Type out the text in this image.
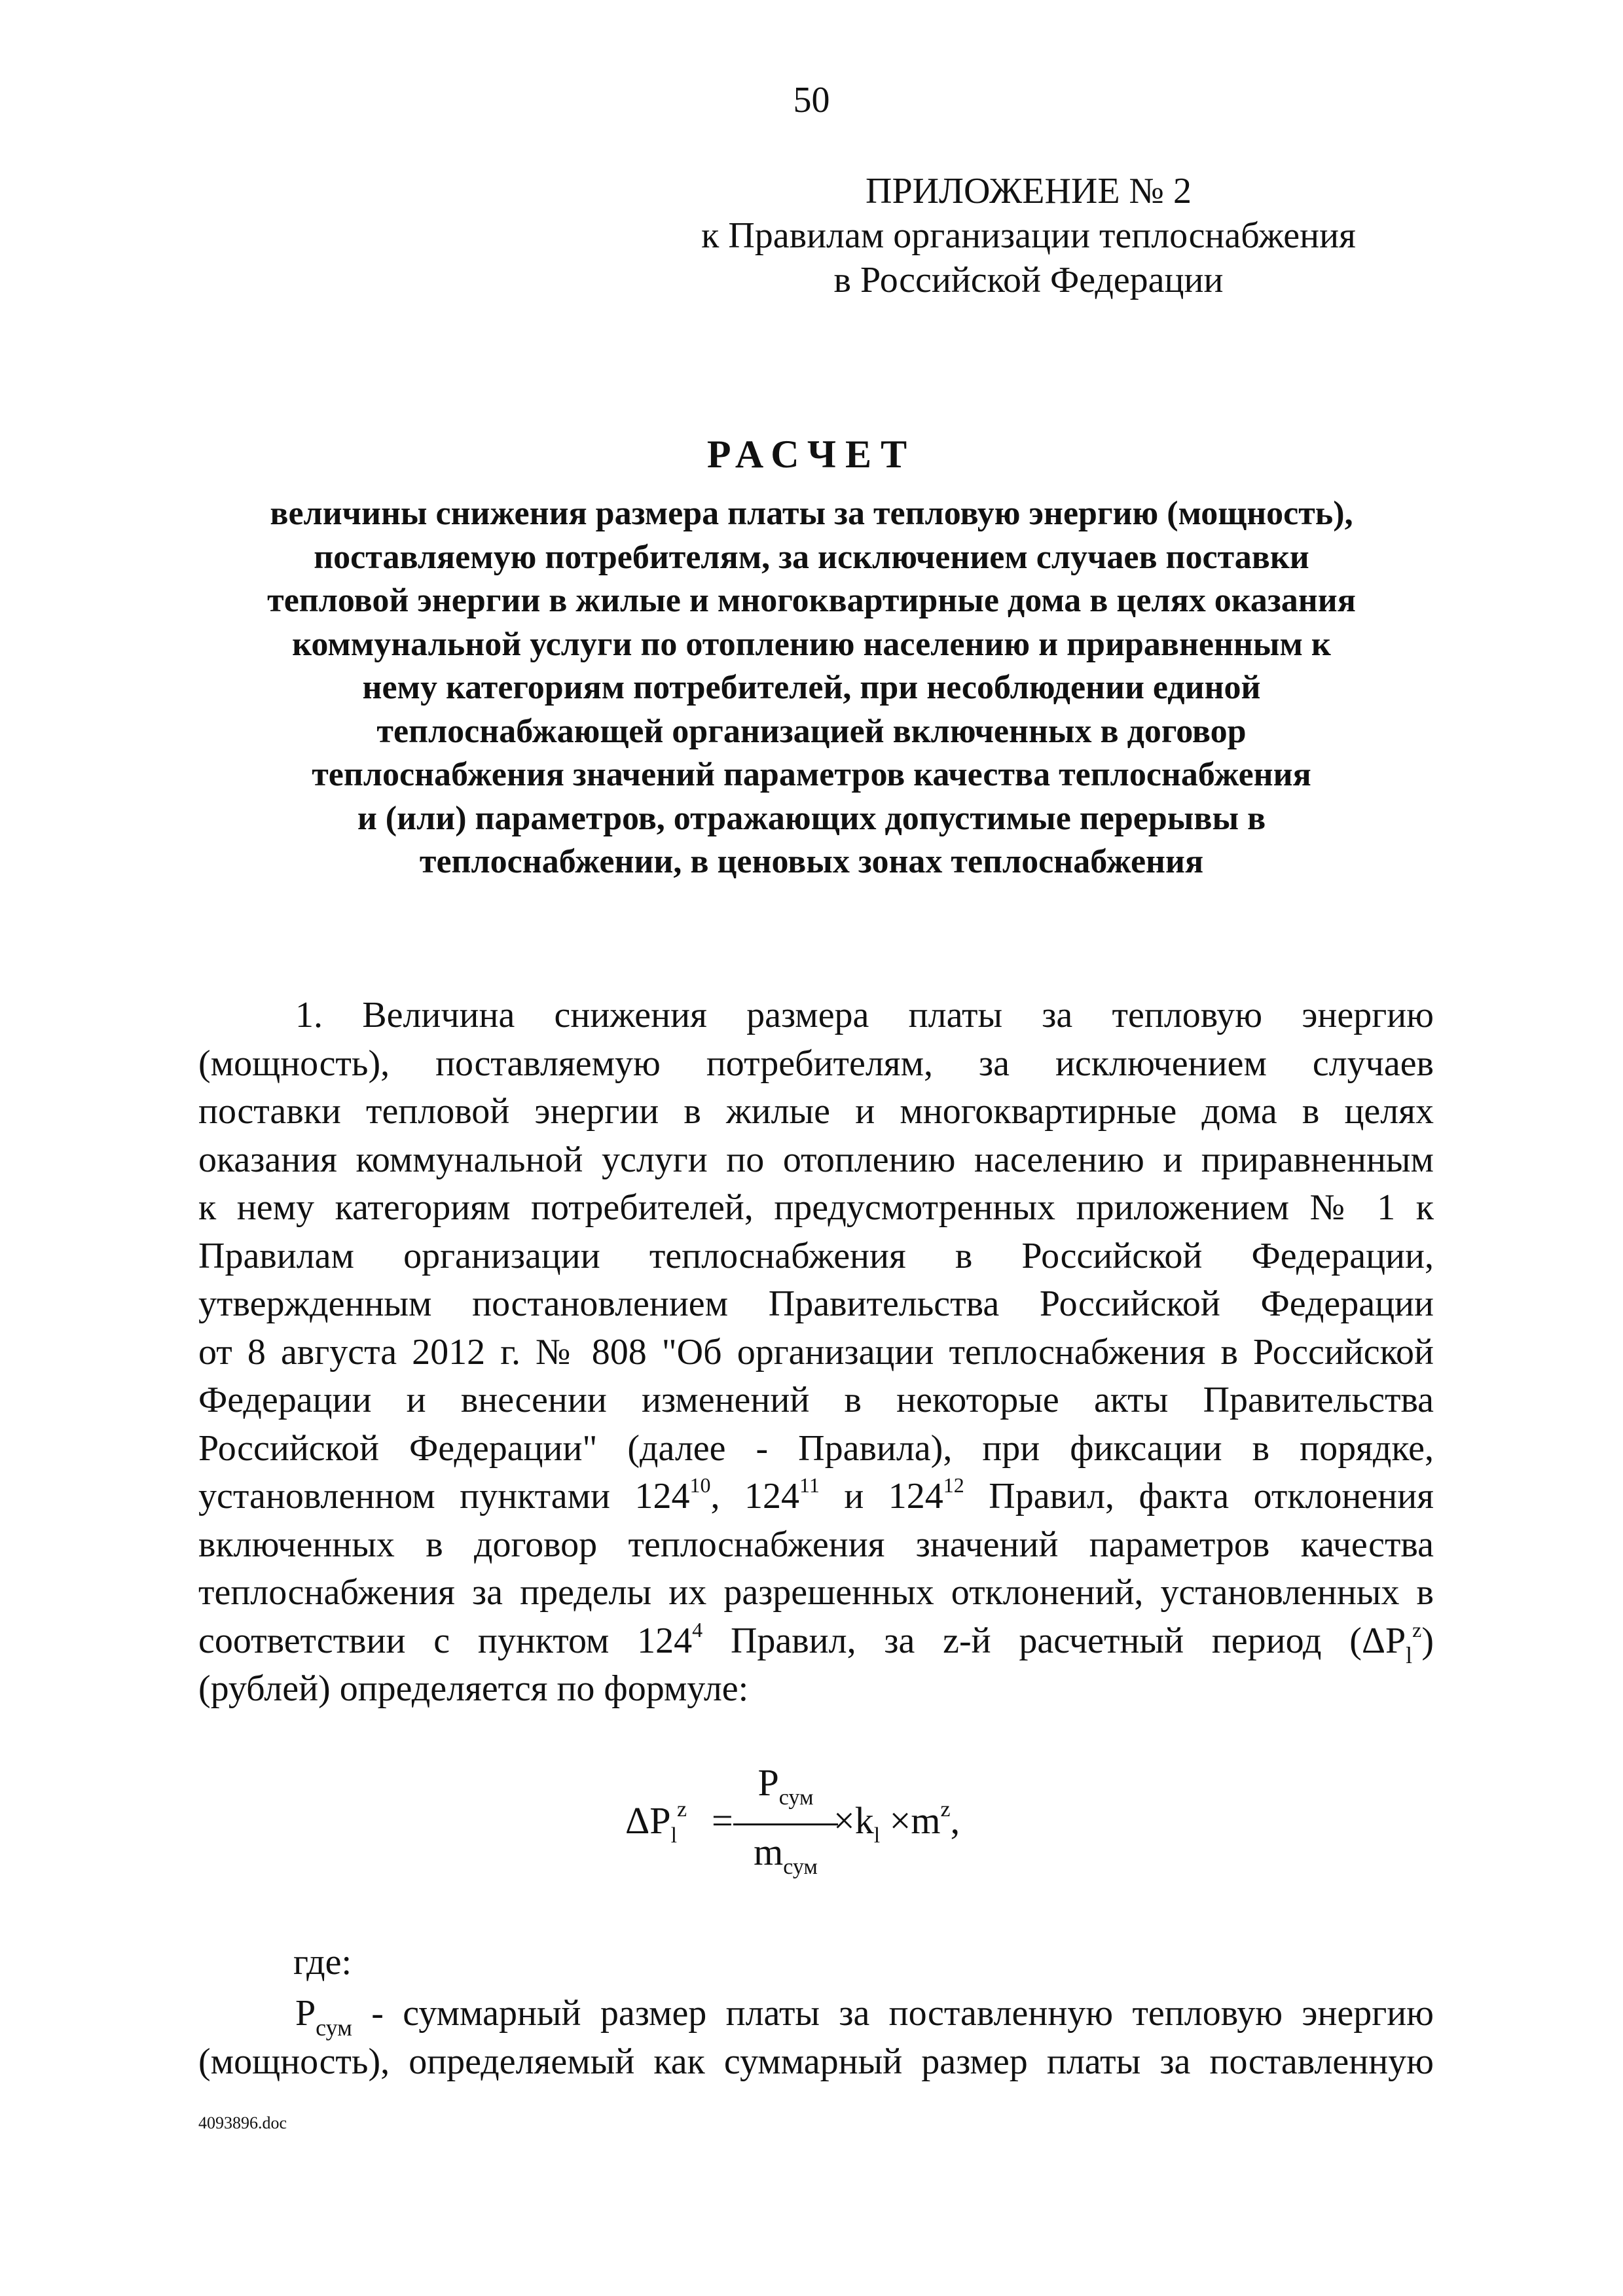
50
ПРИЛОЖЕНИЕ № 2
к Правилам организации теплоснабжения
в Российской Федерации
РАСЧЕТ
величины снижения размера платы за тепловую энергию (мощность),
поставляемую потребителям, за исключением случаев поставки
тепловой энергии в жилые и многоквартирные дома в целях оказания
коммунальной услуги по отоплению населению и приравненным к
нему категориям потребителей, при несоблюдении единой
теплоснабжающей организацией включенных в договор
теплоснабжения значений параметров качества теплоснабжения
и (или) параметров, отражающих допустимые перерывы в
теплоснабжении, в ценовых зонах теплоснабжения
1. Величина снижения размера платы за тепловую энергию
(мощность), поставляемую потребителям, за исключением случаев
поставки тепловой энергии в жилые и многоквартирные дома в целях
оказания коммунальной услуги по отоплению населению и приравненным
к нему категориям потребителей, предусмотренных приложением № 1 к
Правилам организации теплоснабжения в Российской Федерации,
утвержденным постановлением Правительства Российской Федерации
от 8 августа 2012 г. № 808 "Об организации теплоснабжения в Российской
Федерации и внесении изменений в некоторые акты Правительства
Российской Федерации" (далее - Правила), при фиксации в порядке,
установленном пунктами $124^{10}$, $124^{11}$ и $124^{12}$ Правил, факта отклонения
включенных в договор теплоснабжения значений параметров качества
теплоснабжения за пределы их разрешенных отклонений, установленных в
соответствии с пунктом $124^4$ Правил, за z-й расчетный период $(\Delta P_l^z)$
(рублей) определяется по формуле:
$\Delta P_l^z$ =
$P_{сум}$
$m_{сум}$
$\times k_l \times m^z$,
где:
$P_{сум}$ - суммарный размер платы за поставленную тепловую энергию
(мощность), определяемый как суммарный размер платы за поставленную
4093896.doc
